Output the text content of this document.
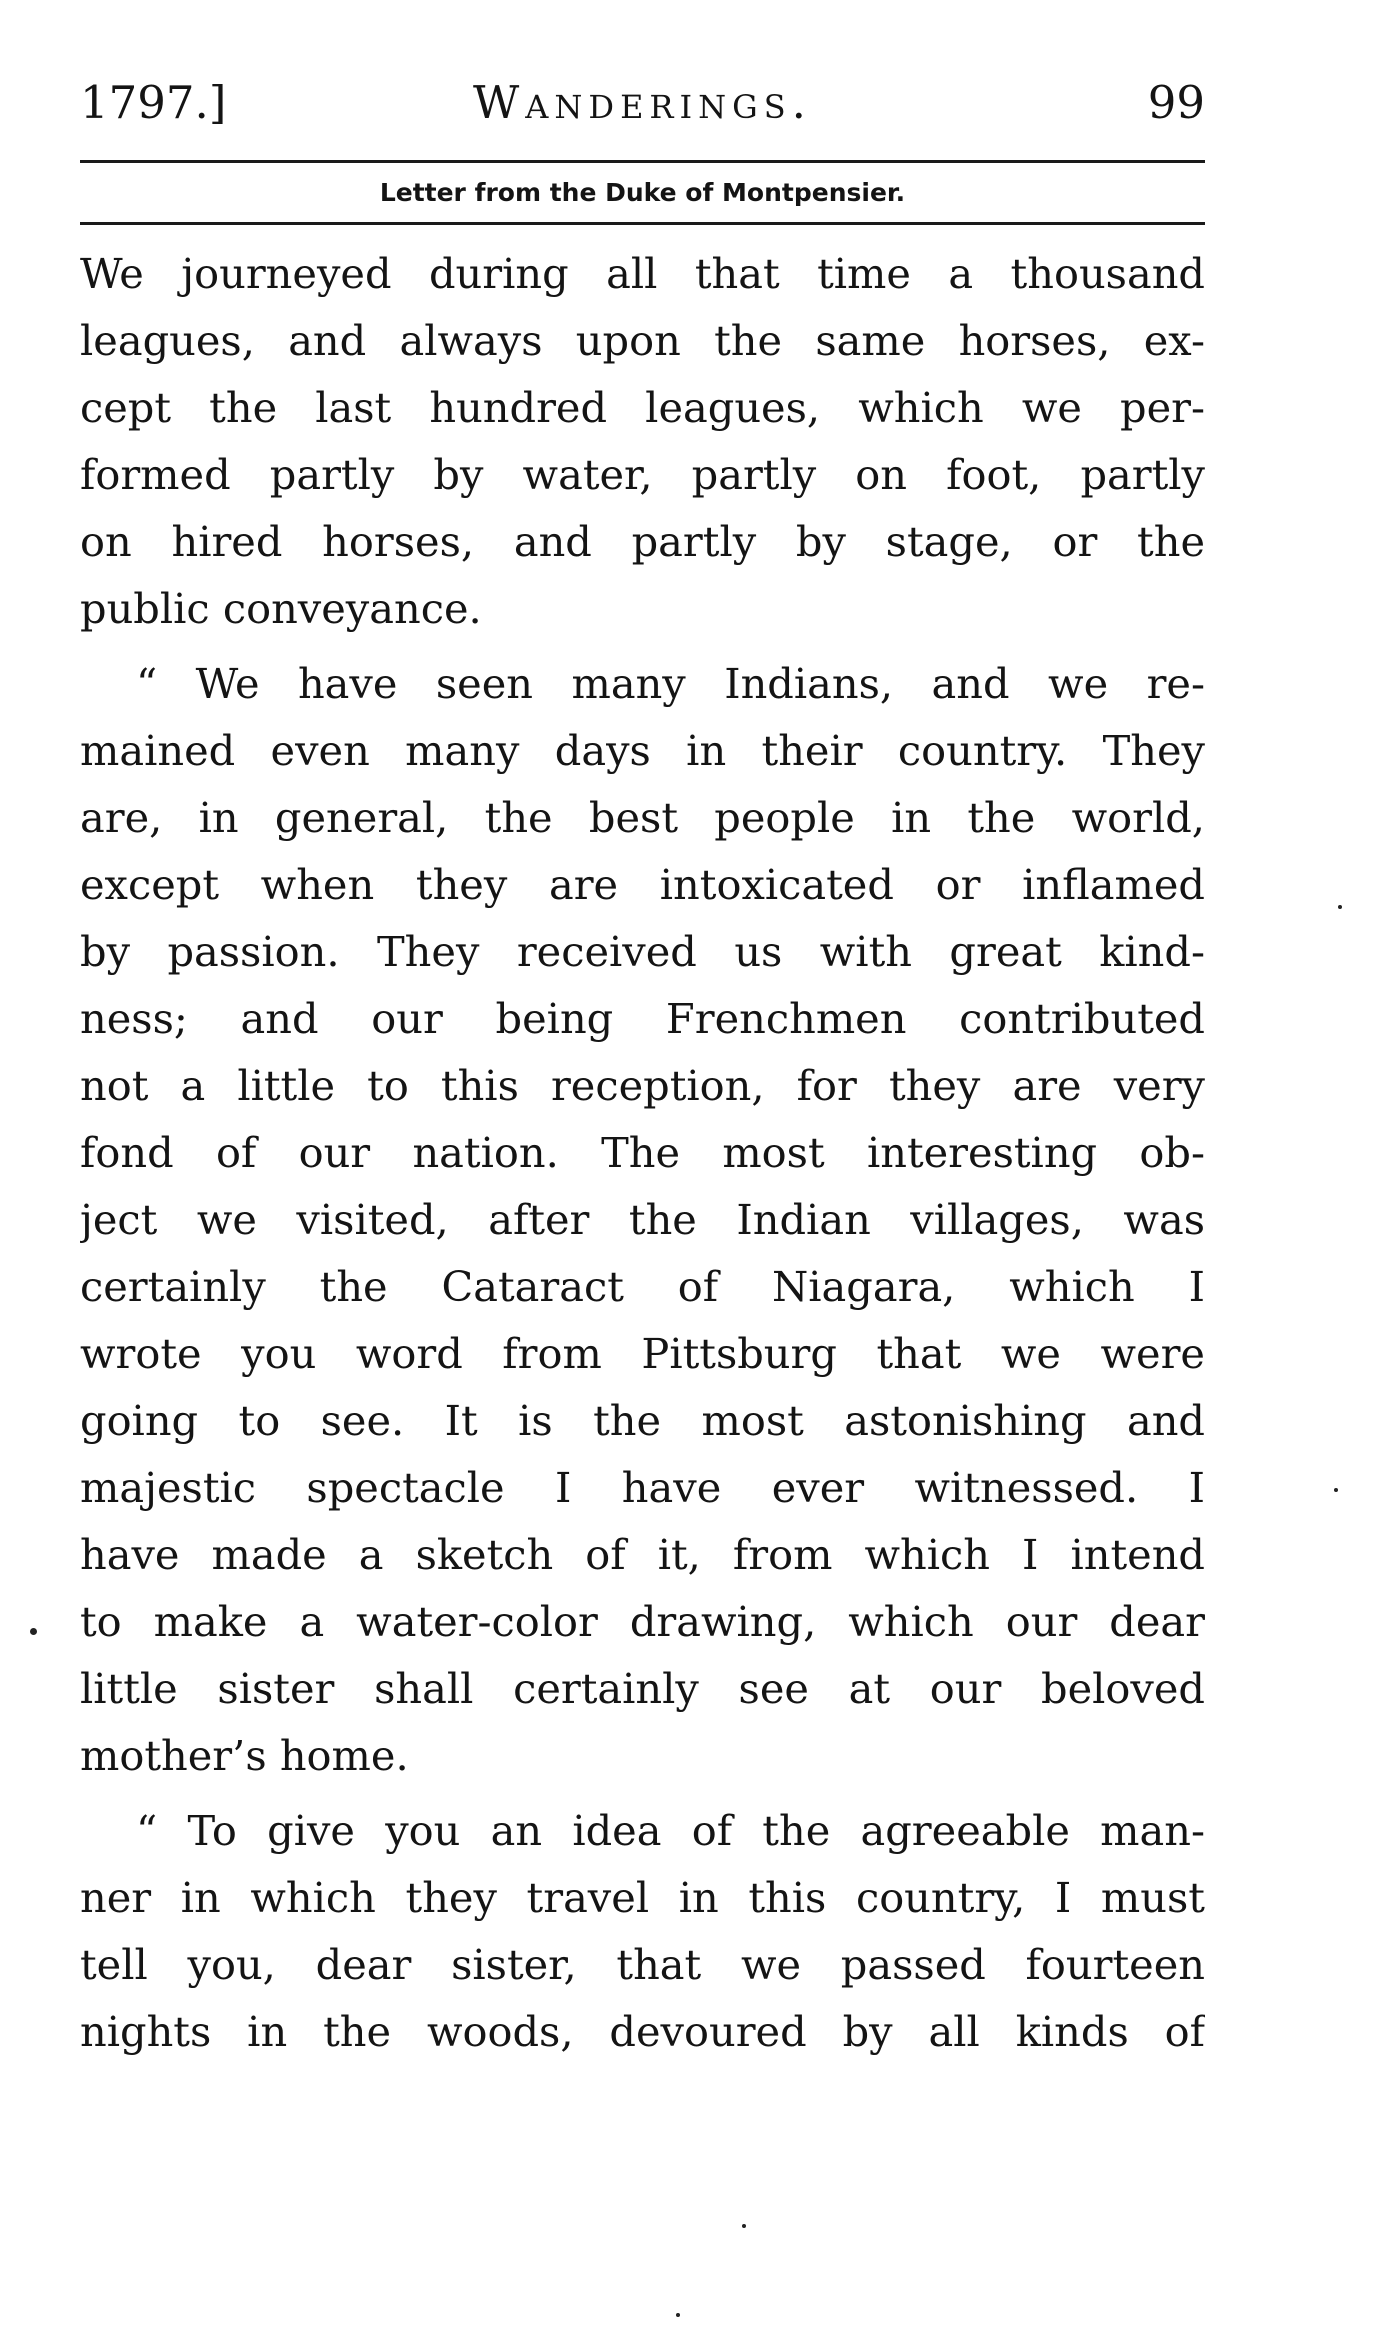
1797.]	Wanderings.	99
Letter from the Duke of Montpensier.
We journeyed during all that time a thousand
leagues, and always upon the same horses, ex-
cept the last hundred leagues, which we per-
formed partly by water, partly on foot, partly
on hired horses, and partly by stage, or the
public conveyance.
“ We have seen many Indians, and we re-
mained even many days in their country. They
are, in general, the best people in the world,
except when they are intoxicated or inflamed
by passion. They received us with great kind-
ness; and our being Frenchmen contributed
not a little to this reception, for they are very
fond of our nation. The most interesting ob-
ject we visited, after the Indian villages, was
certainly the Cataract of Niagara, which I
wrote you word from Pittsburg that we were
going to see. It is the most astonishing and
majestic spectacle I have ever witnessed. I
have made a sketch of it, from which I intend
to make a water-color drawing, which our dear
little sister shall certainly see at our beloved
mother’s home.
“ To give you an idea of the agreeable man-
ner in which they travel in this country, I must
tell you, dear sister, that we passed fourteen
nights in the woods, devoured by all kinds of
